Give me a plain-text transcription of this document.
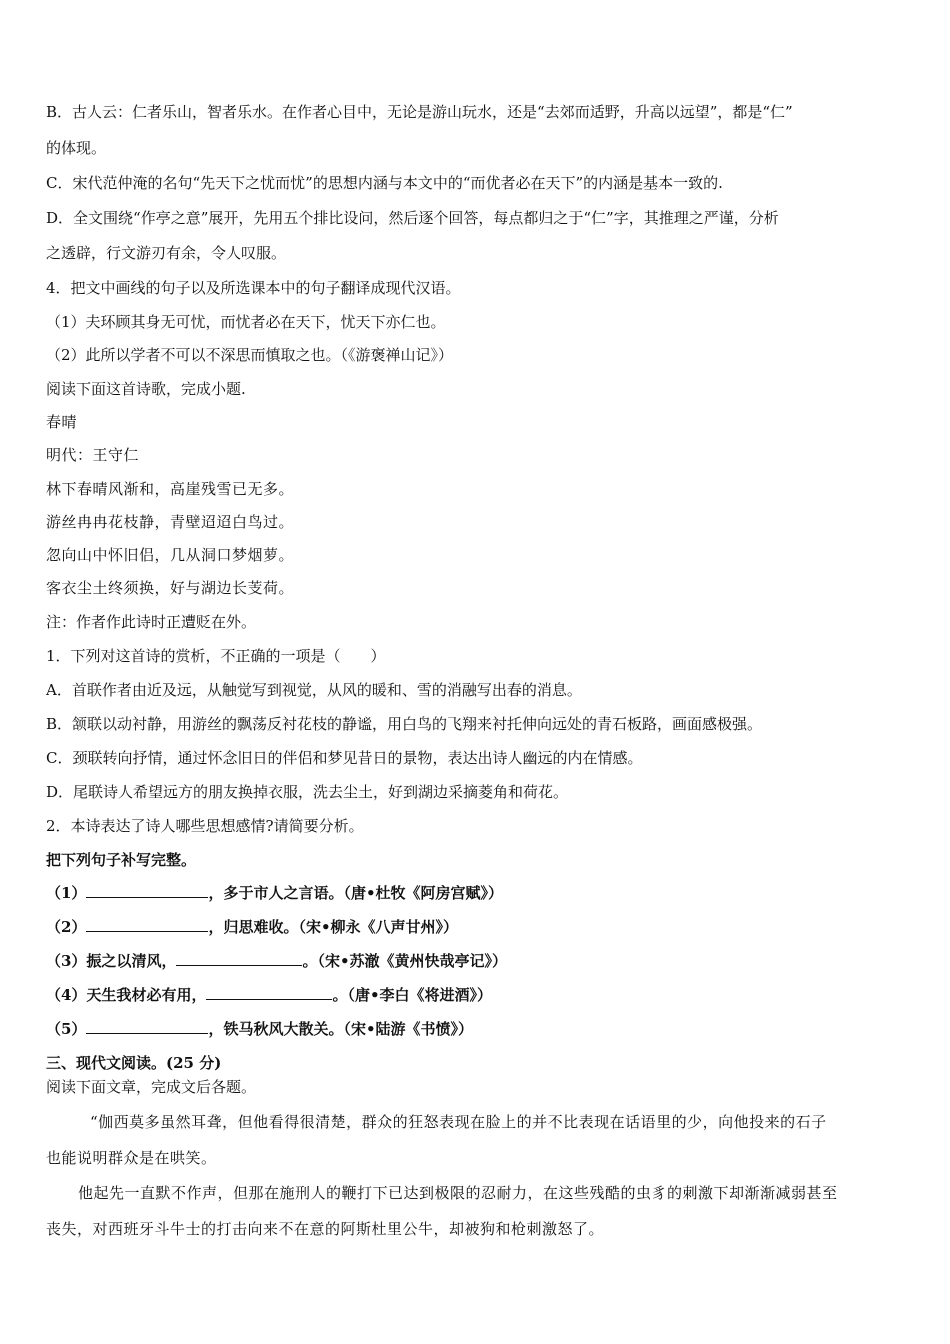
B．古人云：仁者乐山，智者乐水。在作者心目中，无论是游山玩水，还是“去郊而适野，升高以远望”，都是“仁”
的体现。
C．宋代范仲淹的名句“先天下之忧而忧”的思想内涵与本文中的“而优者必在天下”的内涵是基本一致的.
D．全文围绕“作亭之意”展开，先用五个排比设问，然后逐个回答，每点都归之于“仁”字，其推理之严谨，分析
之透辟，行文游刃有余，令人叹服。
4．把文中画线的句子以及所选课本中的句子翻译成现代汉语。
（1）夫环顾其身无可忧，而忧者必在天下，忧天下亦仁也。
（2）此所以学者不可以不深思而慎取之也。（《游褒禅山记》）
阅读下面这首诗歌，完成小题.
春晴
明代：王守仁
林下春晴风渐和，高崖残雪已无多。
游丝冉冉花枝静，青壁迢迢白鸟过。
忽向山中怀旧侣，几从洞口梦烟萝。
客衣尘土终须换，好与湖边长芰荷。
注：作者作此诗时正遭贬在外。
1．下列对这首诗的赏析，不正确的一项是（　　）
A．首联作者由近及远，从触觉写到视觉，从风的暖和、雪的消融写出春的消息。
B．颔联以动衬静，用游丝的飘荡反衬花枝的静谧，用白鸟的飞翔来衬托伸向远处的青石板路，画面感极强。
C．颈联转向抒情，通过怀念旧日的伴侣和梦见昔日的景物，表达出诗人幽远的内在情感。
D．尾联诗人希望远方的朋友换掉衣服，洗去尘土，好到湖边采摘菱角和荷花。
2．本诗表达了诗人哪些思想感情?请简要分析。
把下列句子补写完整。
（1）	，多于市人之言语。（唐•杜牧《阿房宫赋》）
（2）	，归思难收。（宋•柳永《八声甘州》）
（3）振之以清风，	。（宋•苏澈《黄州快哉亭记》）
（4）天生我材必有用，	。（唐•李白《将进酒》）
（5）	，铁马秋风大散关。（宋•陆游《书愤》）
三、现代文阅读。(25 分)
阅读下面文章，完成文后各题。
“伽西莫多虽然耳聋，但他看得很清楚，群众的狂怒表现在脸上的并不比表现在话语里的少，向他投来的石子
也能说明群众是在哄笑。
他起先一直默不作声，但那在施刑人的鞭打下已达到极限的忍耐力，在这些残酷的虫豸的刺激下却渐渐减弱甚至
丧失，对西班牙斗牛士的打击向来不在意的阿斯杜里公牛，却被狗和枪刺激怒了。
